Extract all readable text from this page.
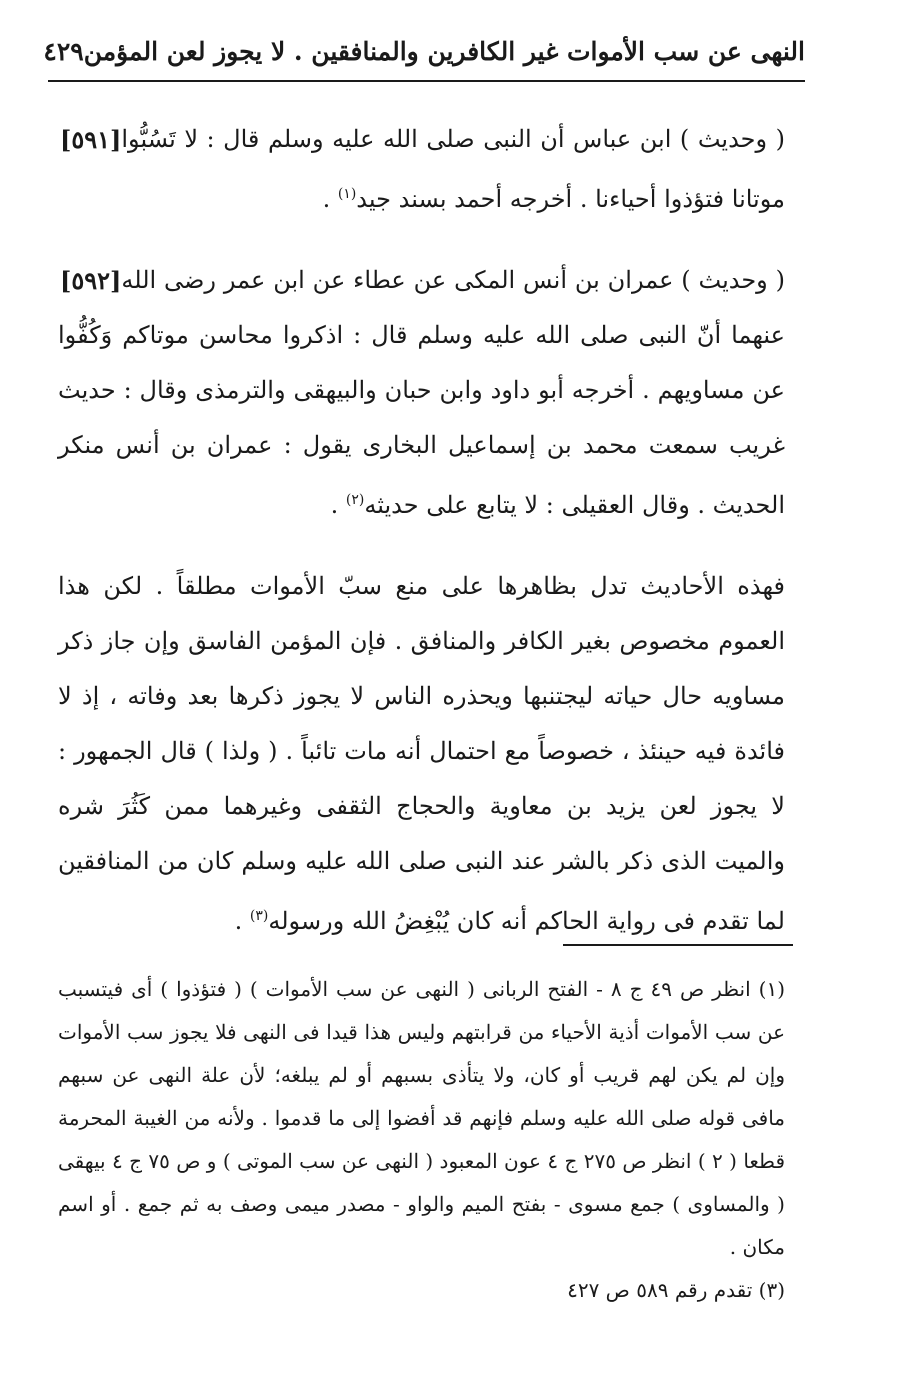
النهى عن سب الأموات غير الكافرين والمنافقين . لا يجوز لعن المؤمن
٤٢٩

[٥٩١] ( وحديث ) ابن عباس أن النبى صلى الله عليه وسلم قال : لا تَسُبُّوا موتانا فتؤذوا أحياءنا . أخرجه أحمد بسند جيد$^{(١)}$ .

[٥٩٢] ( وحديث ) عمران بن أنس المكى عن عطاء عن ابن عمر رضى الله عنهما أنّ النبى صلى الله عليه وسلم قال : اذكروا محاسن موتاكم وَكُفُّوا عن مساويهم . أخرجه أبو داود وابن حبان والبيهقى والترمذى وقال : حديث غريب سمعت محمد بن إسماعيل البخارى يقول : عمران بن أنس منكر الحديث . وقال العقيلى : لا يتابع على حديثه$^{(٢)}$ .

فهذه الأحاديث تدل بظاهرها على منع سبّ الأموات مطلقاً . لكن هذا العموم مخصوص بغير الكافر والمنافق . فإن المؤمن الفاسق وإن جاز ذكر مساويه حال حياته ليجتنبها ويحذره الناس لا يجوز ذكرها بعد وفاته ، إذ لا فائدة فيه حينئذ ، خصوصاً مع احتمال أنه مات تائباً . ( ولذا ) قال الجمهور : لا يجوز لعن يزيد بن معاوية والحجاج الثقفى وغيرهما ممن كَثُرَ شره والميت الذى ذكر بالشر عند النبى صلى الله عليه وسلم كان من المنافقين لما تقدم فى رواية الحاكم أنه كان يُبْغِضُ الله ورسوله$^{(٣)}$ .

(١) انظر ص ٤٩ ج ٨ - الفتح الربانى ( النهى عن سب الأموات ) ( فتؤذوا ) أى فيتسبب عن سب الأموات أذية الأحياء من قرابتهم وليس هذا قيدا فى النهى فلا يجوز سب الأموات وإن لم يكن لهم قريب أو كان، ولا يتأذى بسبهم أو لم يبلغه؛ لأن علة النهى عن سبهم مافى قوله صلى الله عليه وسلم فإنهم قد أفضوا إلى ما قدموا . ولأنه من الغيبة المحرمة قطعا ( ٢ ) انظر ص ٢٧٥ ج ٤ عون المعبود ( النهى عن سب الموتى ) و ص ٧٥ ج ٤ بيهقى ( والمساوى ) جمع مسوى - بفتح الميم والواو - مصدر ميمى وصف به ثم جمع . أو اسم مكان .

(٣) تقدم رقم ٥٨٩ ص ٤٢٧
